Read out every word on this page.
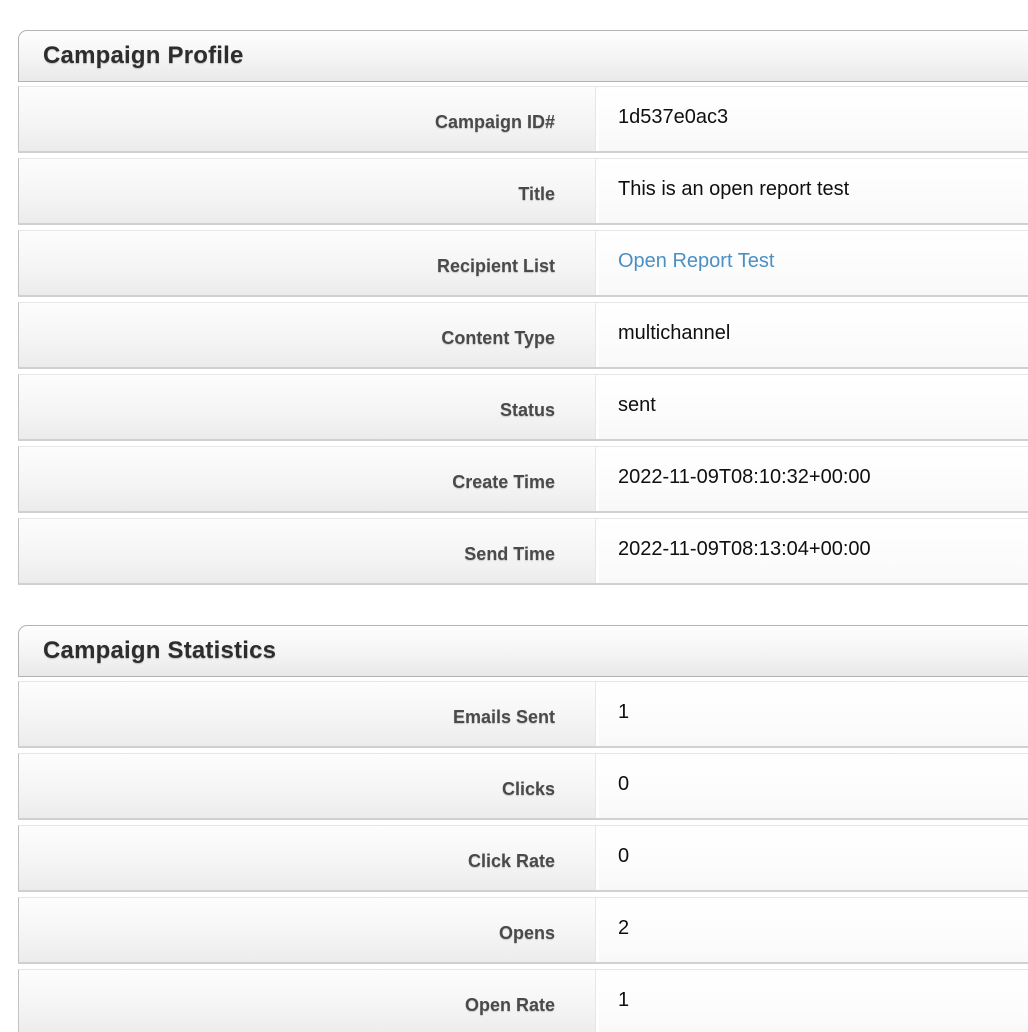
Campaign Profile
Campaign ID#	1d537e0ac3
Title	This is an open report test
Recipient List	Open Report Test
Content Type	multichannel
Status	sent
Create Time	2022-11-09T08:10:32+00:00
Send Time	2022-11-09T08:13:04+00:00
Campaign Statistics
Emails Sent	1
Clicks	0
Click Rate	0
Opens	2
Open Rate	1
